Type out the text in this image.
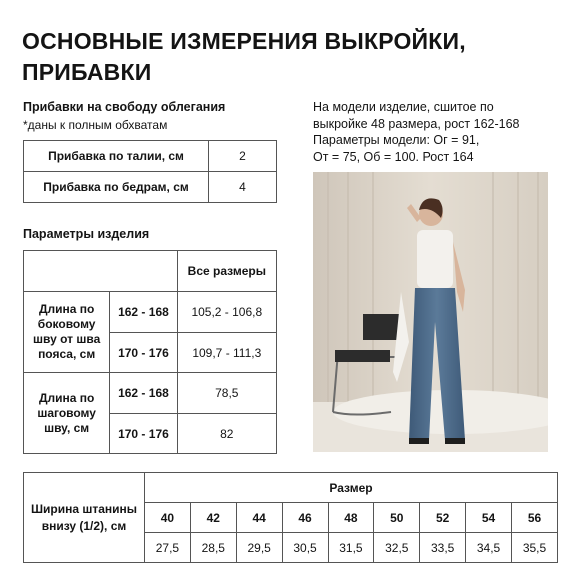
ОСНОВНЫЕ ИЗМЕРЕНИЯ ВЫКРОЙКИ, ПРИБАВКИ
Прибавки на свободу облегания
*даны к полным обхватам
Прибавка по талии, см	2
Прибавка по бедрам, см	4
Параметры изделия
		Все размеры
Длина по боковому шву от шва пояса, см	162 - 168	105,2 - 106,8
	170 - 176	109,7 - 111,3
Длина по шаговому шву, см	162 - 168	78,5
	170 - 176	82
На модели изделие, сшитое по
выкройке 48 размера, рост 162-168
Параметры модели: Ог = 91,
От = 75, Об = 100. Рост 164
Ширина штанины внизу (1/2), см	Размер								
	40	42	44	46	48	50	52	54	56
	27,5	28,5	29,5	30,5	31,5	32,5	33,5	34,5	35,5
